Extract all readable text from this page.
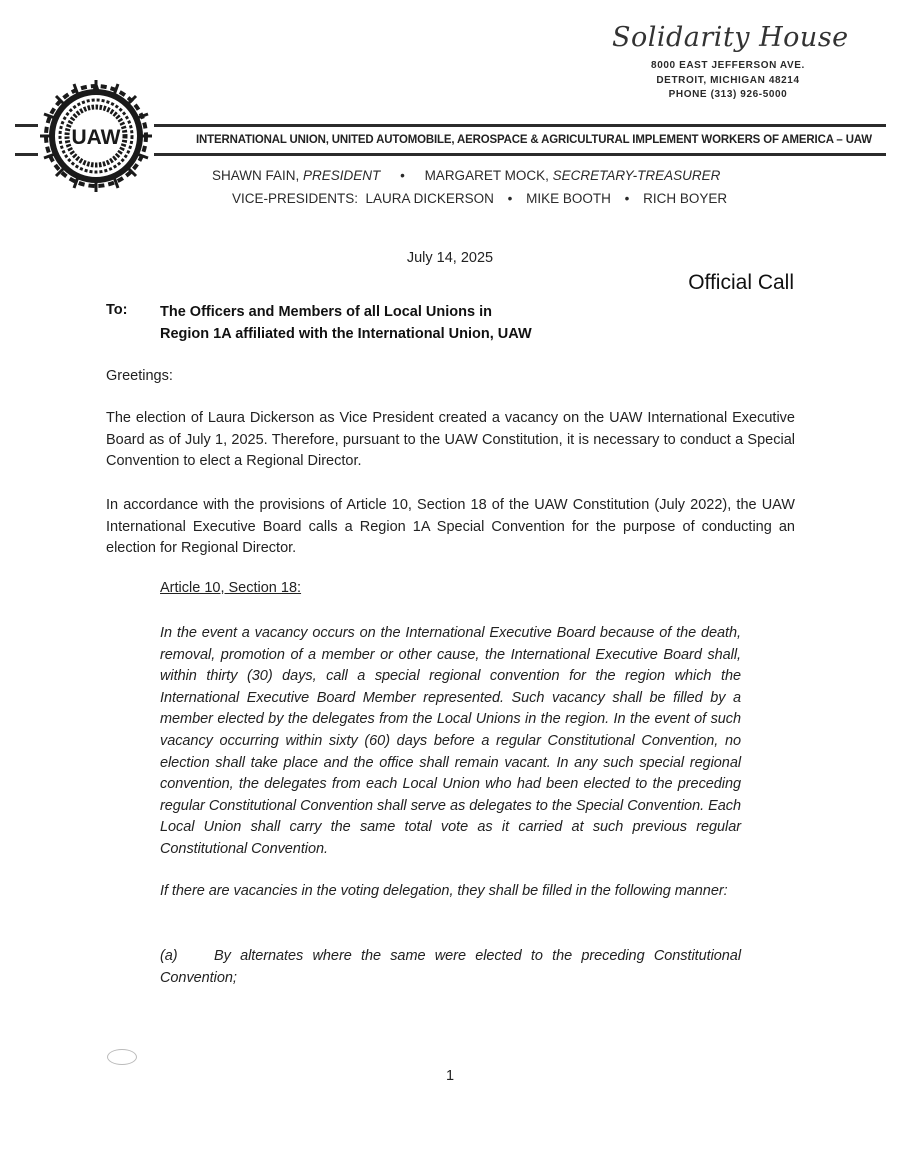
Solidarity House
8000 EAST JEFFERSON AVE.
DETROIT, MICHIGAN 48214
PHONE (313) 926-5000
UAW	INTERNATIONAL UNION, UNITED AUTOMOBILE, AEROSPACE & AGRICULTURAL IMPLEMENT WORKERS OF AMERICA – UAW
SHAWN FAIN, PRESIDENT • MARGARET MOCK, SECRETARY-TREASURER
VICE-PRESIDENTS: LAURA DICKERSON • MIKE BOOTH • RICH BOYER
July 14, 2025
Official Call
To: The Officers and Members of all Local Unions in
Region 1A affiliated with the International Union, UAW
Greetings:
The election of Laura Dickerson as Vice President created a vacancy on the UAW International Executive Board as of July 1, 2025. Therefore, pursuant to the UAW Constitution, it is necessary to conduct a Special Convention to elect a Regional Director.
In accordance with the provisions of Article 10, Section 18 of the UAW Constitution (July 2022), the UAW International Executive Board calls a Region 1A Special Convention for the purpose of conducting an election for Regional Director.
Article 10, Section 18:
In the event a vacancy occurs on the International Executive Board because of the death, removal, promotion of a member or other cause, the International Executive Board shall, within thirty (30) days, call a special regional convention for the region which the International Executive Board Member represented. Such vacancy shall be filled by a member elected by the delegates from the Local Unions in the region. In the event of such vacancy occurring within sixty (60) days before a regular Constitutional Convention, no election shall take place and the office shall remain vacant. In any such special regional convention, the delegates from each Local Union who had been elected to the preceding regular Constitutional Convention shall serve as delegates to the Special Convention. Each Local Union shall carry the same total vote as it carried at such previous regular Constitutional Convention.
If there are vacancies in the voting delegation, they shall be filled in the following manner:
(a)	By alternates where the same were elected to the preceding Constitutional Convention;
1
